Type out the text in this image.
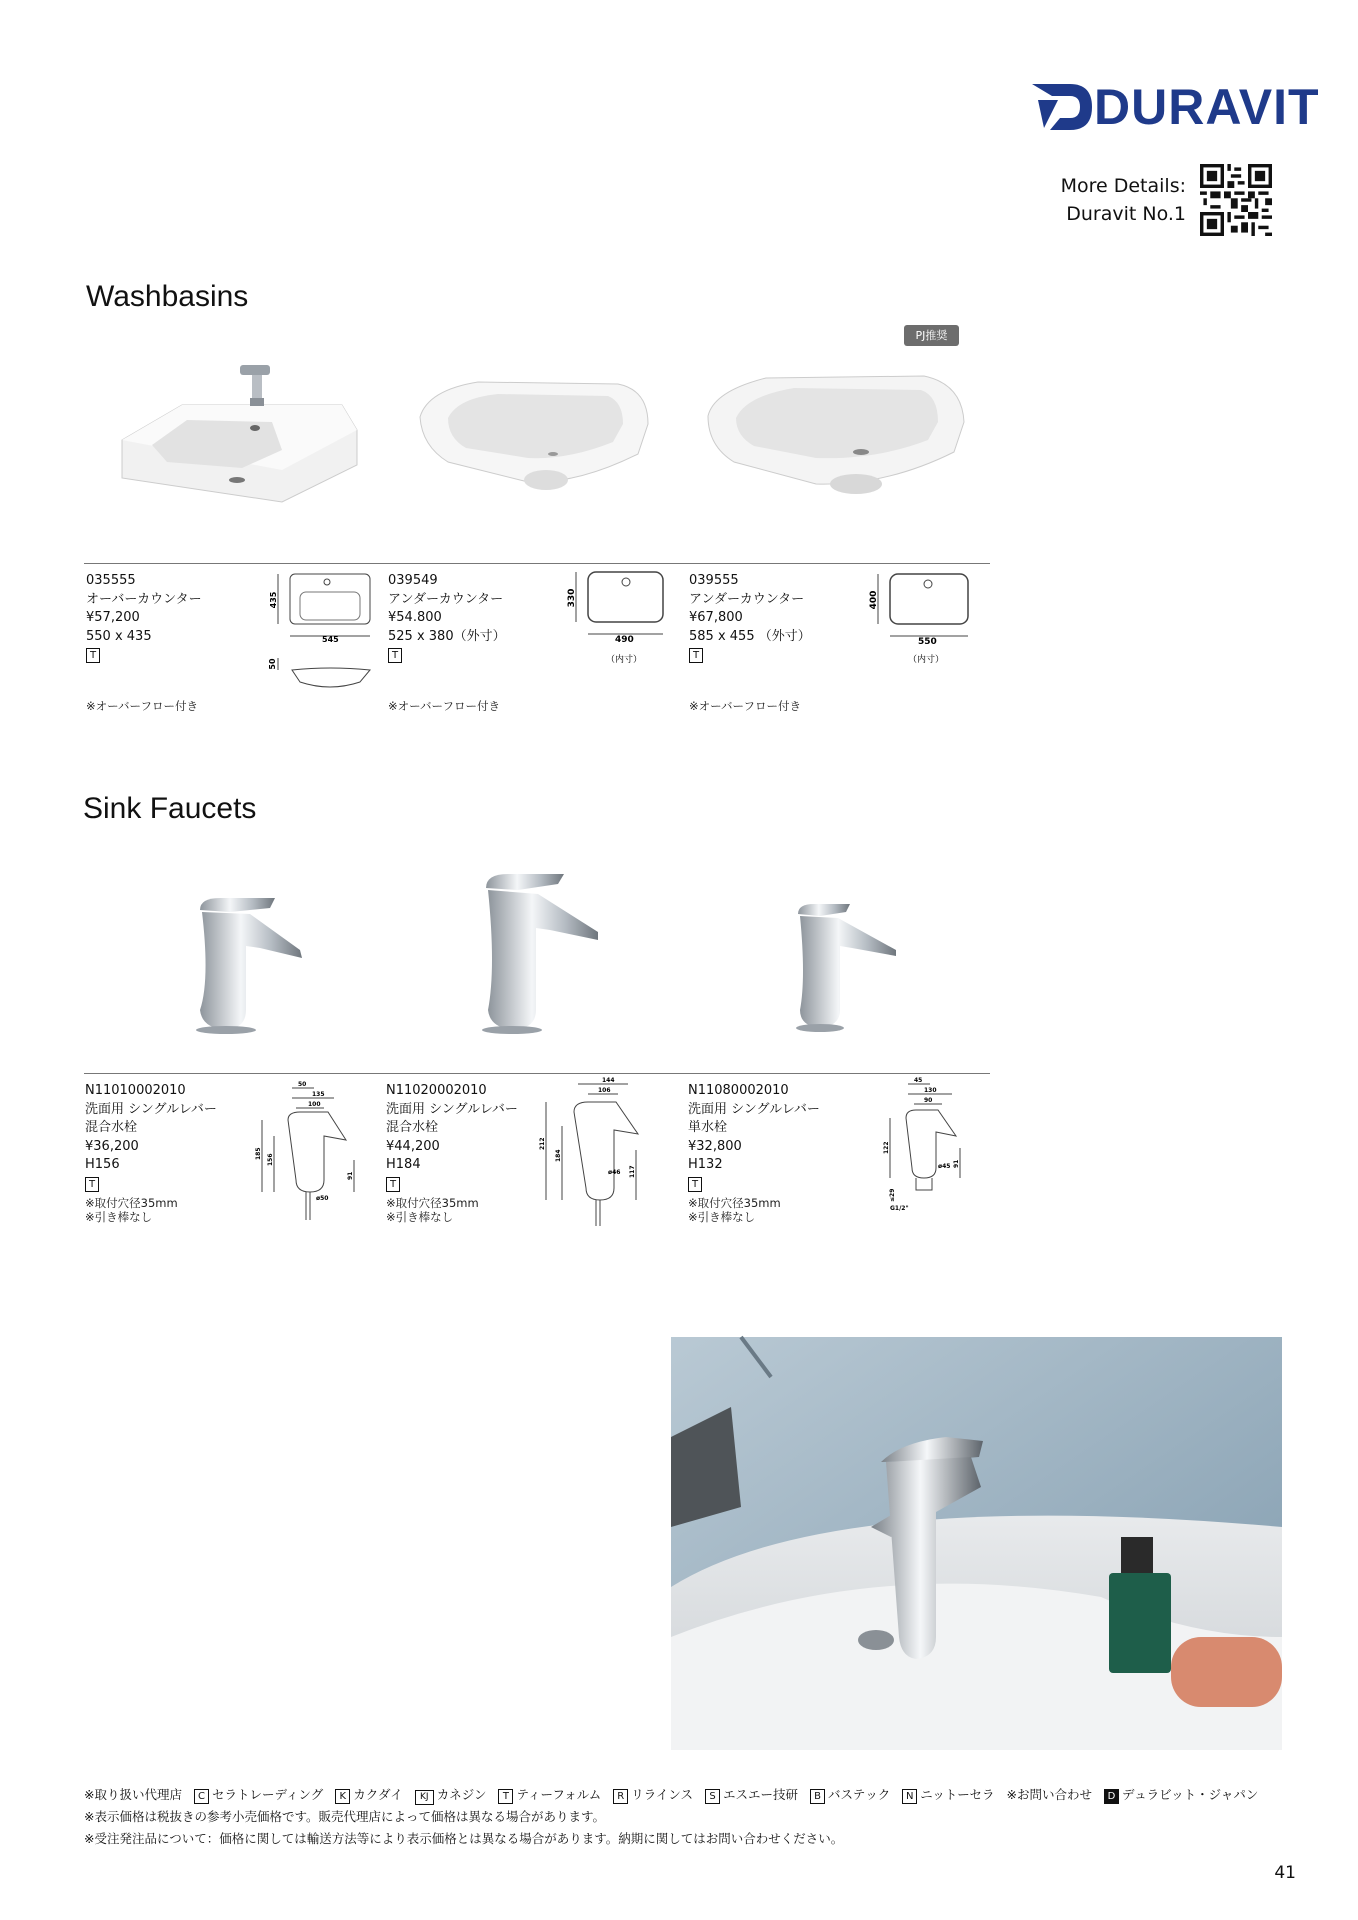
DURAVIT
More Details:
Duravit No.1
Washbasins
PJ推奨
035555
オーバーカウンター
¥57,200
550 x 435
T
※オーバーフロー付き
435
545
50
039549
アンダーカウンター
¥54.800
525 x 380（外寸）
T
※オーバーフロー付き
330
490
（内寸）
039555
アンダーカウンター
¥67,800
585 x 455 （外寸）
T
※オーバーフロー付き
400
550
（内寸）
Sink Faucets
N11010002010
洗面用 シングルレバー
混合水栓
¥36,200
H156
T
※取付穴径35mm
※引き棒なし
50
135
100
185 156
91
ø50
N11020002010
洗面用 シングルレバー
混合水栓
¥44,200
H184
T
※取付穴径35mm
※引き棒なし
144
106
212
184
117
ø46
N11080002010
洗面用 シングルレバー
単水栓
¥32,800
H132
T
※取付穴径35mm
※引き棒なし
45
130
90
122
91
ø45
≤29
G1/2"
※取り扱い代理店 C セラトレーディング K カクダイ KJ カネジン T ティーフォルム R リラインス S エスエー技研 B バステック N ニットーセラ ※お問い合わせ D デュラビット・ジャパン
※表示価格は税抜きの参考小売価格です。販売代理店によって価格は異なる場合があります。
※受注発注品について：価格に関しては輸送方法等により表示価格とは異なる場合があります。納期に関してはお問い合わせください。
41
